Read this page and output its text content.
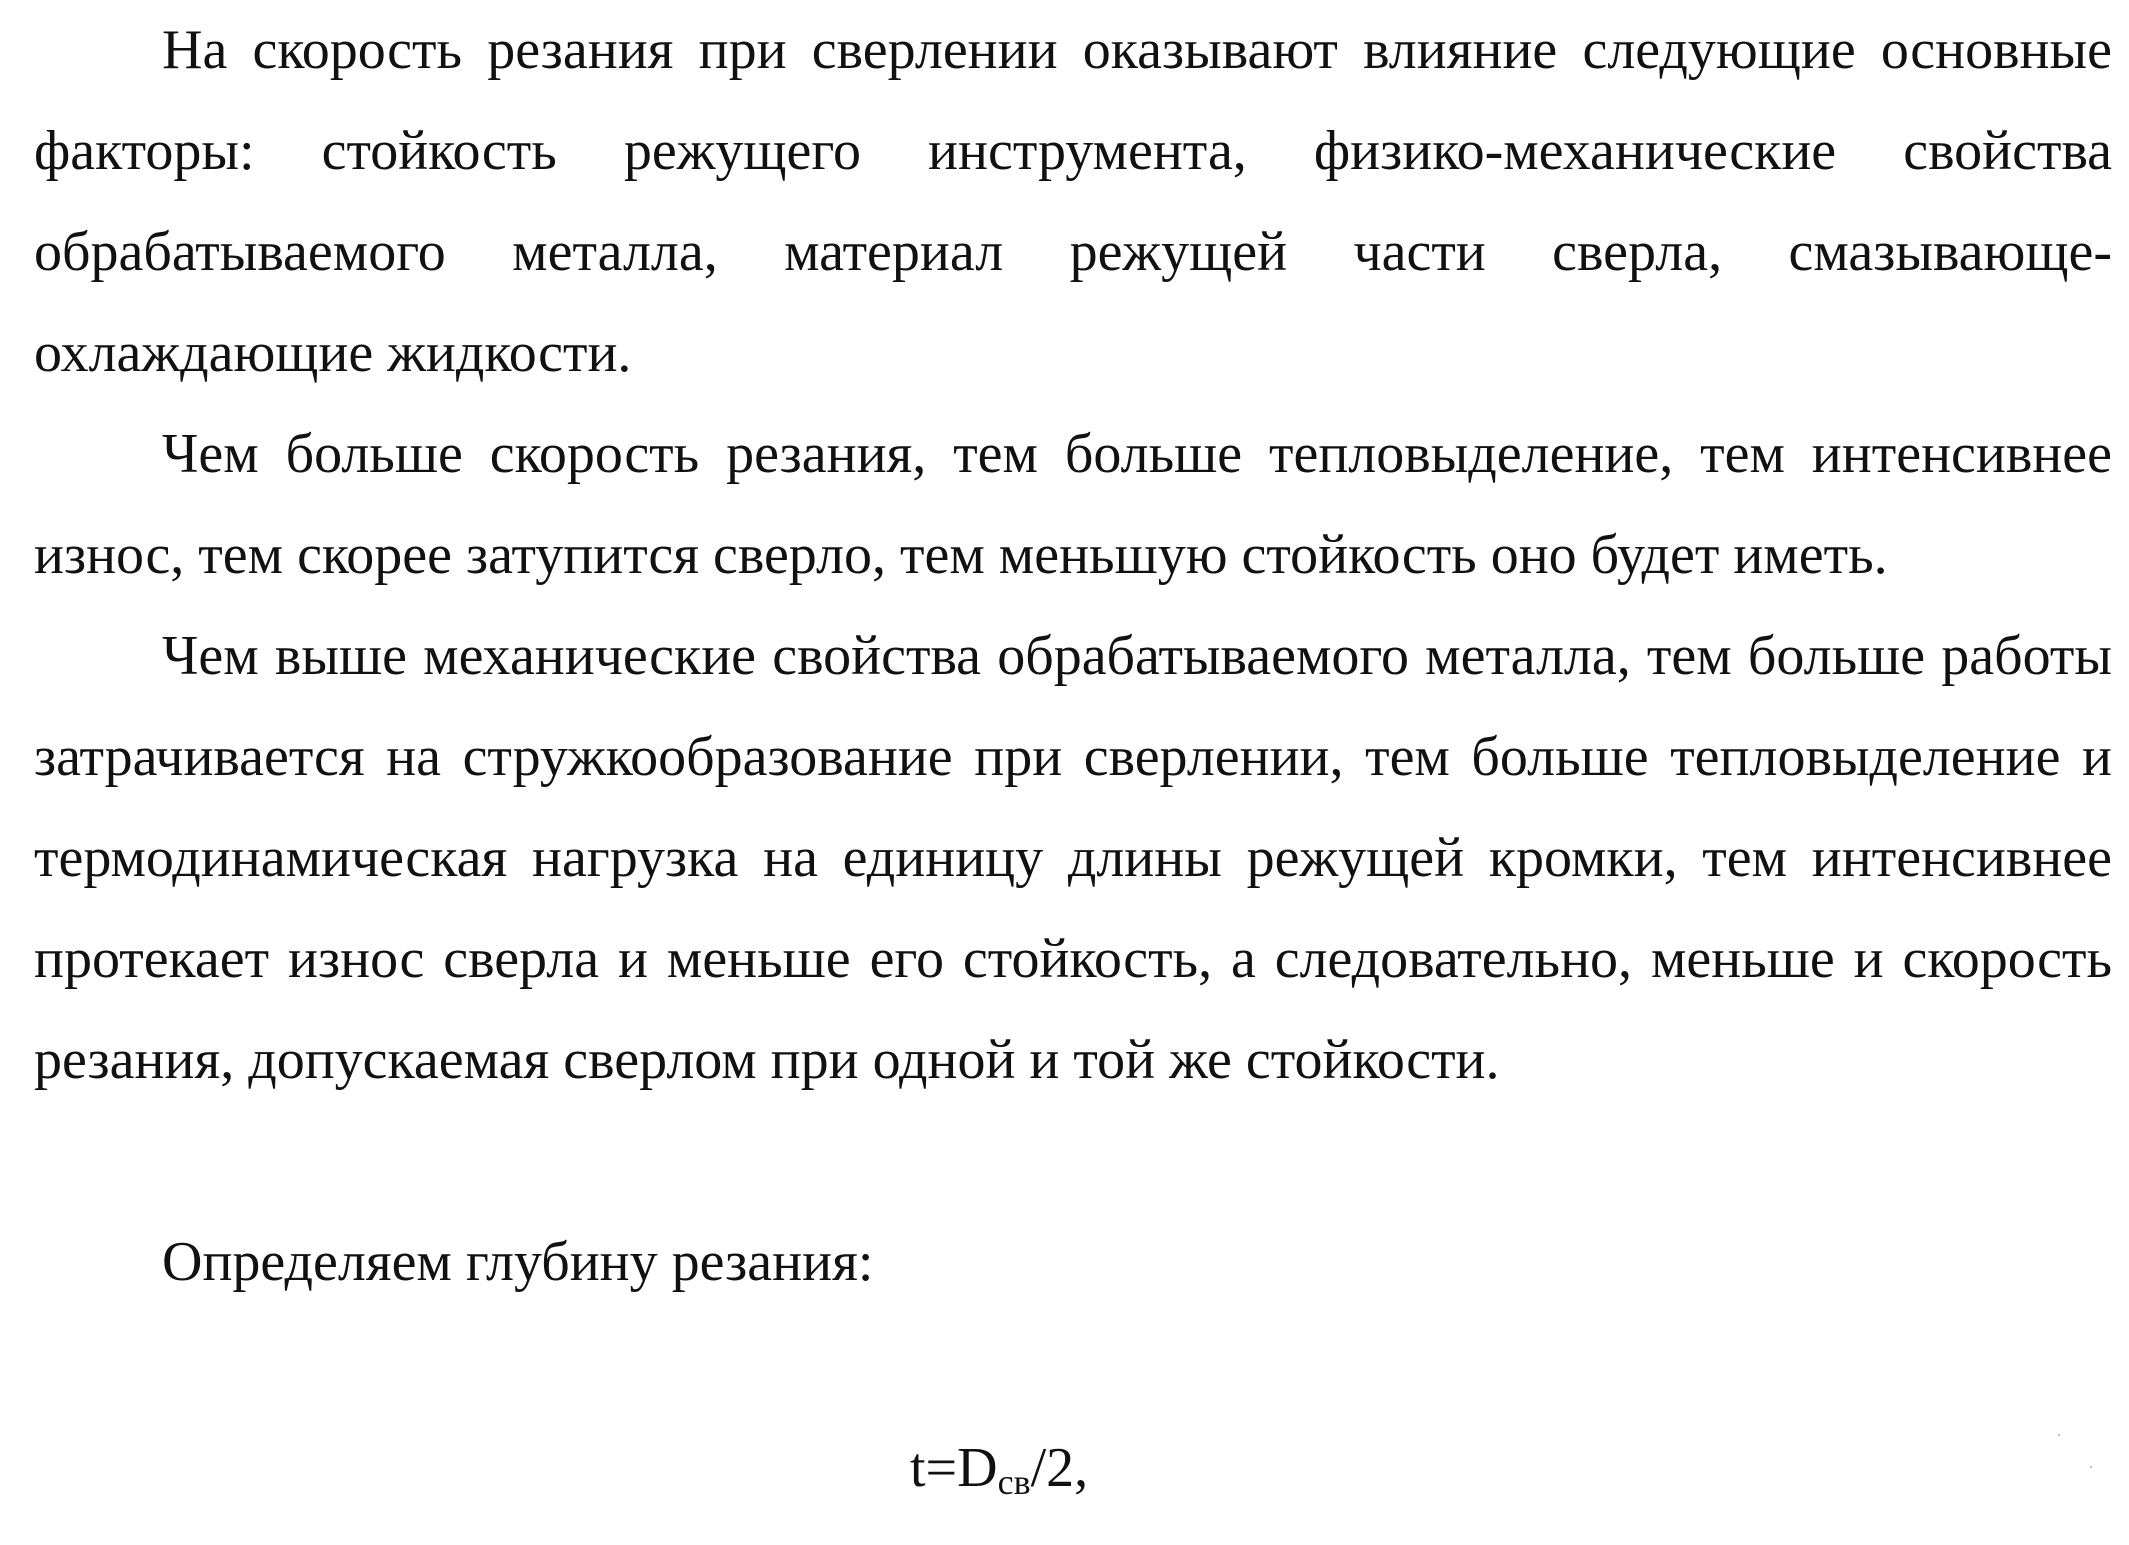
На скорость резания при сверлении оказывают влияние следующие основные факторы: стойкость режущего инструмента, физико-механические свойства обрабатываемого металла, материал режущей части сверла, смазывающе-охлаждающие жидкости.

Чем больше скорость резания, тем больше тепловыделение, тем интенсивнее износ, тем скорее затупится сверло, тем меньшую стойкость оно будет иметь.

Чем выше механические свойства обрабатываемого металла, тем больше работы затрачивается на стружкообразование при сверлении, тем больше тепловыделение и термодинамическая нагрузка на единицу длины режущей кромки, тем интенсивнее протекает износ сверла и меньше его стойкость, а следовательно, меньше и скорость резания, допускаемая сверлом при одной и той же стойкости.

Определяем глубину резания:

$t=D_{св}/2$,
